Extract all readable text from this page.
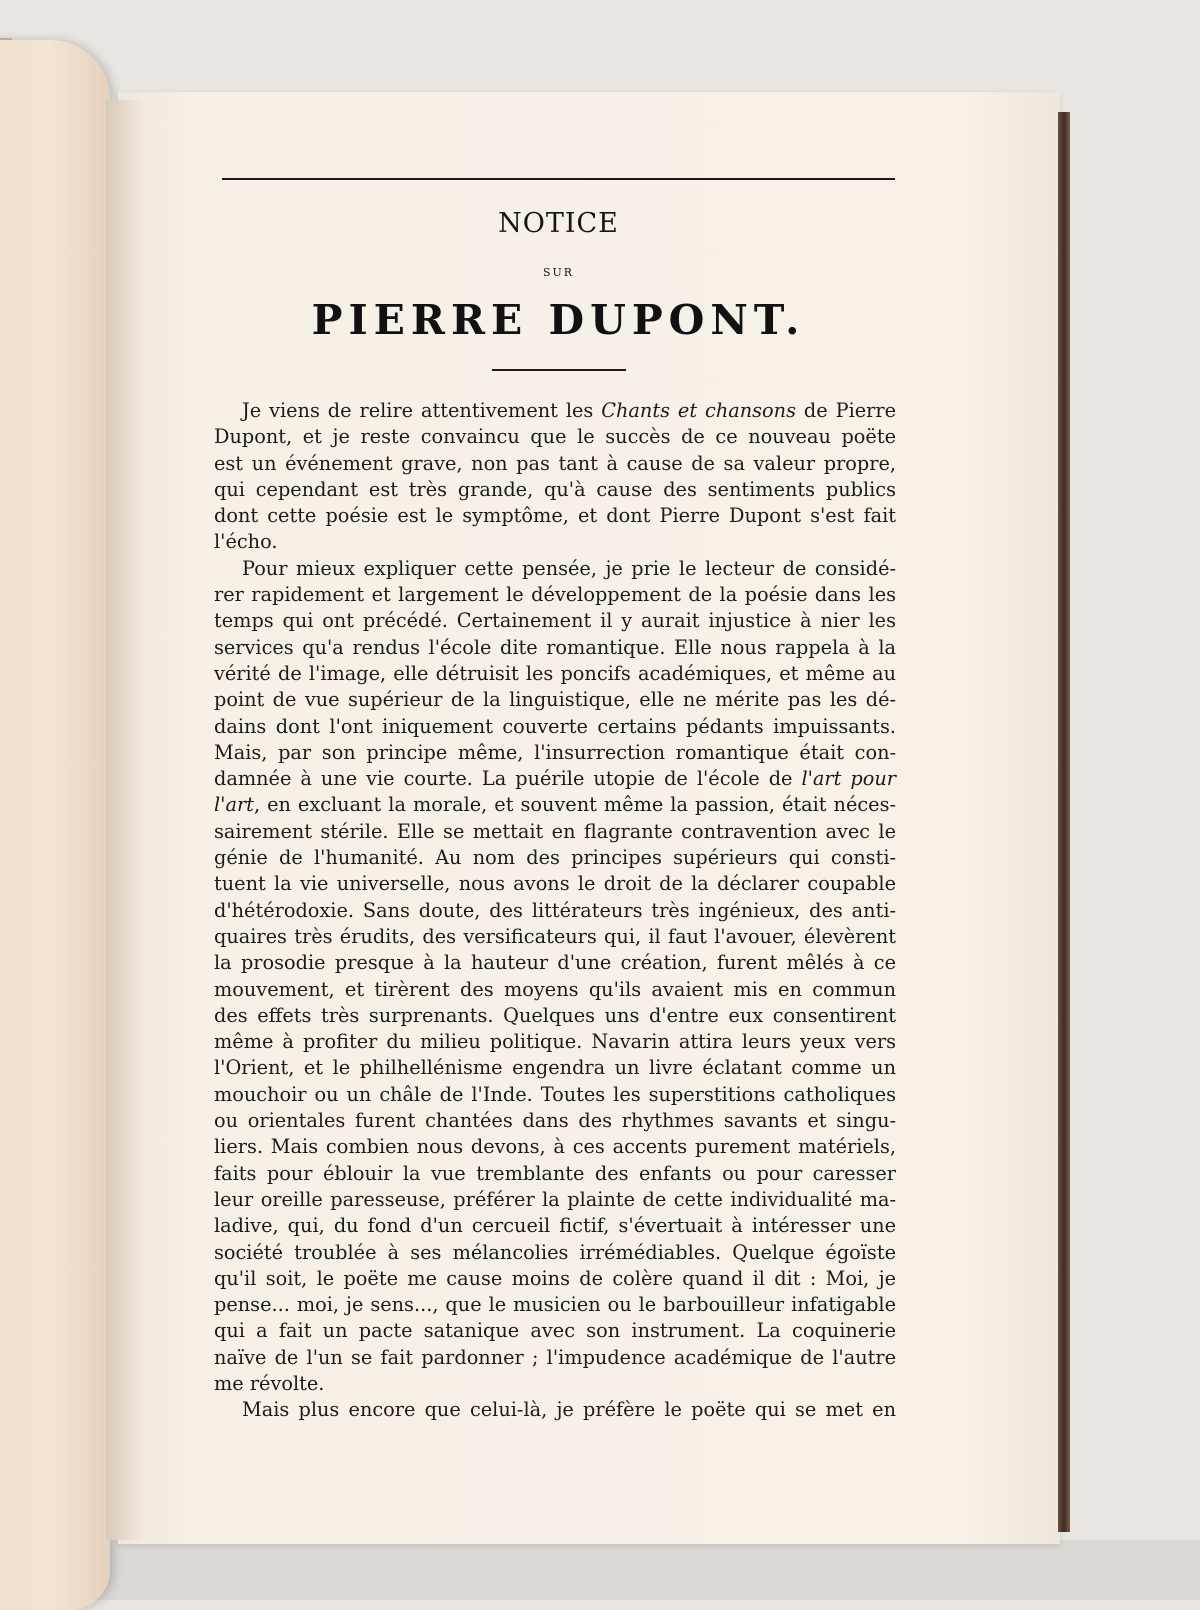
NOTICE
SUR
PIERRE DUPONT.
Je viens de relire attentivement les Chants et chansons de Pierre
Dupont, et je reste convaincu que le succès de ce nouveau poëte
est un événement grave, non pas tant à cause de sa valeur propre,
qui cependant est très grande, qu'à cause des sentiments publics
dont cette poésie est le symptôme, et dont Pierre Dupont s'est fait
l'écho.
Pour mieux expliquer cette pensée, je prie le lecteur de considé-
rer rapidement et largement le développement de la poésie dans les
temps qui ont précédé. Certainement il y aurait injustice à nier les
services qu'a rendus l'école dite romantique. Elle nous rappela à la
vérité de l'image, elle détruisit les poncifs académiques, et même au
point de vue supérieur de la linguistique, elle ne mérite pas les dé-
dains dont l'ont iniquement couverte certains pédants impuissants.
Mais, par son principe même, l'insurrection romantique était con-
damnée à une vie courte. La puérile utopie de l'école de l'art pour
l'art, en excluant la morale, et souvent même la passion, était néces-
sairement stérile. Elle se mettait en flagrante contravention avec le
génie de l'humanité. Au nom des principes supérieurs qui consti-
tuent la vie universelle, nous avons le droit de la déclarer coupable
d'hétérodoxie. Sans doute, des littérateurs très ingénieux, des anti-
quaires très érudits, des versificateurs qui, il faut l'avouer, élevèrent
la prosodie presque à la hauteur d'une création, furent mêlés à ce
mouvement, et tirèrent des moyens qu'ils avaient mis en commun
des effets très surprenants. Quelques uns d'entre eux consentirent
même à profiter du milieu politique. Navarin attira leurs yeux vers
l'Orient, et le philhellénisme engendra un livre éclatant comme un
mouchoir ou un châle de l'Inde. Toutes les superstitions catholiques
ou orientales furent chantées dans des rhythmes savants et singu-
liers. Mais combien nous devons, à ces accents purement matériels,
faits pour éblouir la vue tremblante des enfants ou pour caresser
leur oreille paresseuse, préférer la plainte de cette individualité ma-
ladive, qui, du fond d'un cercueil fictif, s'évertuait à intéresser une
société troublée à ses mélancolies irrémédiables. Quelque égoïste
qu'il soit, le poëte me cause moins de colère quand il dit : Moi, je
pense... moi, je sens..., que le musicien ou le barbouilleur infatigable
qui a fait un pacte satanique avec son instrument. La coquinerie
naïve de l'un se fait pardonner ; l'impudence académique de l'autre
me révolte.
Mais plus encore que celui-là, je préfère le poëte qui se met en
